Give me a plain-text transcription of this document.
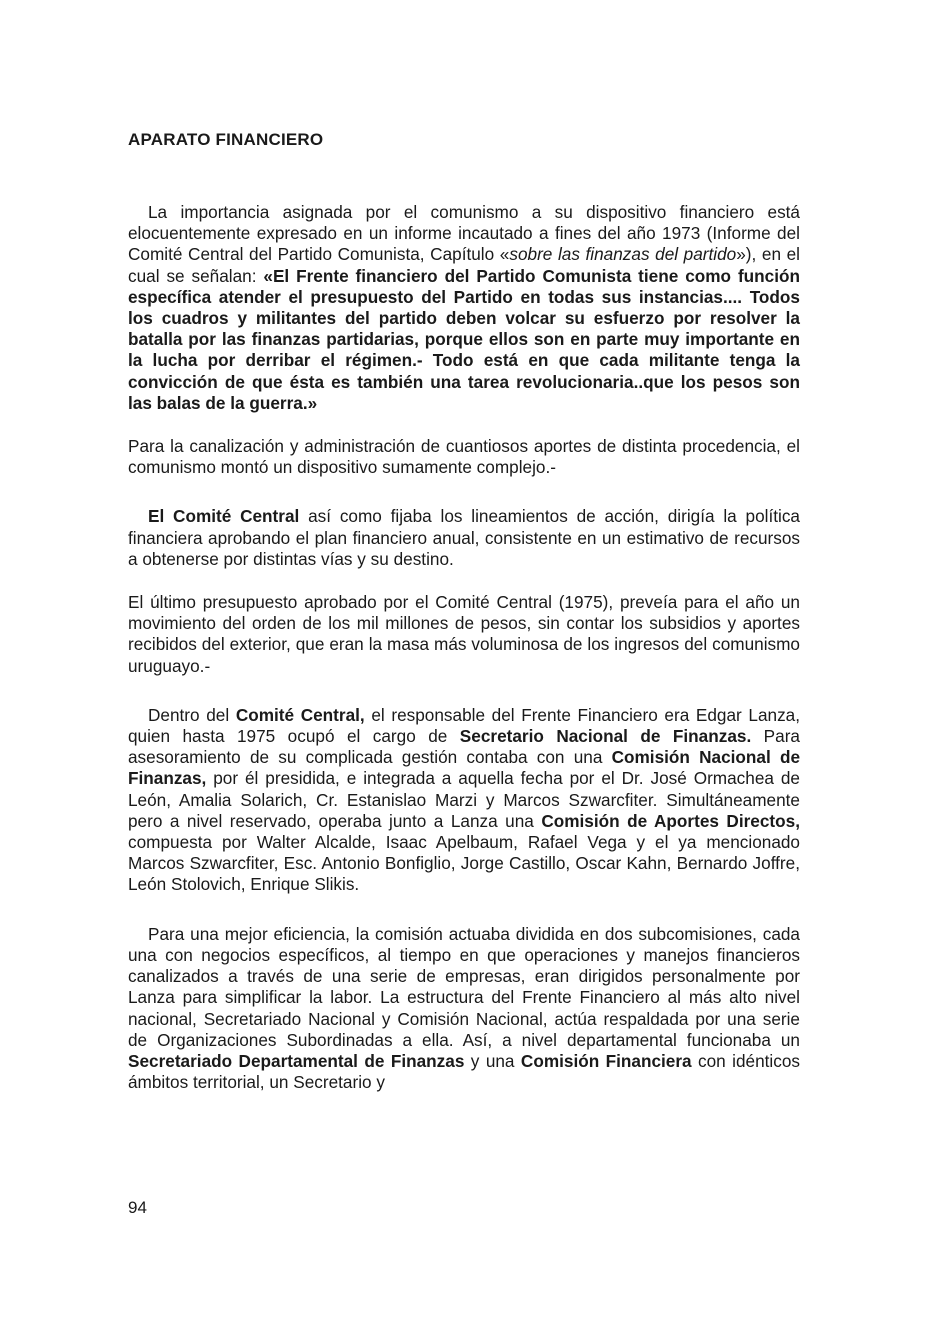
APARATO FINANCIERO

La importancia asignada por el comunismo a su dispositivo financiero está elocuentemente expresado en un informe incautado a fines del año 1973 (Informe del Comité Central del Partido Comunista, Capítulo «sobre las finanzas del partido»), en el cual se señalan: «El Frente financiero del Partido Comunista tiene como función específica atender el presupuesto del Partido en todas sus instancias.... Todos los cuadros y militantes del partido deben volcar su esfuerzo por resolver la batalla por las finanzas partidarias, porque ellos son en parte muy importante en la lucha por derribar el régimen.- Todo está en que cada militante tenga la convicción de que ésta es también una tarea revolucionaria..que los pesos son las balas de la guerra.»

Para la canalización y administración de cuantiosos aportes de distinta procedencia, el comunismo montó un dispositivo sumamente complejo.-

El Comité Central así como fijaba los lineamientos de acción, dirigía la política financiera aprobando el plan financiero anual, consistente en un estimativo de recursos a obtenerse por distintas vías y su destino.

El último presupuesto aprobado por el Comité Central (1975), preveía para el año un movimiento del orden de los mil millones de pesos, sin contar los subsidios y aportes recibidos del exterior, que eran la masa más voluminosa de los ingresos del comunismo uruguayo.-

Dentro del Comité Central, el responsable del Frente Financiero era Edgar Lanza, quien hasta 1975 ocupó el cargo de Secretario Nacional de Finanzas. Para asesoramiento de su complicada gestión contaba con una Comisión Nacional de Finanzas, por él presidida, e integrada a aquella fecha por el Dr. José Ormachea de León, Amalia Solarich, Cr. Estanislao Marzi y Marcos Szwarcfiter. Simultáneamente pero a nivel reservado, operaba junto a Lanza una Comisión de Aportes Directos, compuesta por Walter Alcalde, Isaac Apelbaum, Rafael Vega y el ya mencionado Marcos Szwarcfiter, Esc. Antonio Bonfiglio, Jorge Castillo, Oscar Kahn, Bernardo Joffre, León Stolovich, Enrique Slikis.

Para una mejor eficiencia, la comisión actuaba dividida en dos subcomisiones, cada una con negocios específicos, al tiempo en que operaciones y manejos financieros canalizados a través de una serie de empresas, eran dirigidos personalmente por Lanza para simplificar la labor. La estructura del Frente Financiero al más alto nivel nacional, Secretariado Nacional y Comisión Nacional, actúa respaldada por una serie de Organizaciones Subordinadas a ella. Así, a nivel departamental funcionaba un Secretariado Departamental de Finanzas y una Comisión Financiera con idénticos ámbitos territorial, un Secretario y

94
